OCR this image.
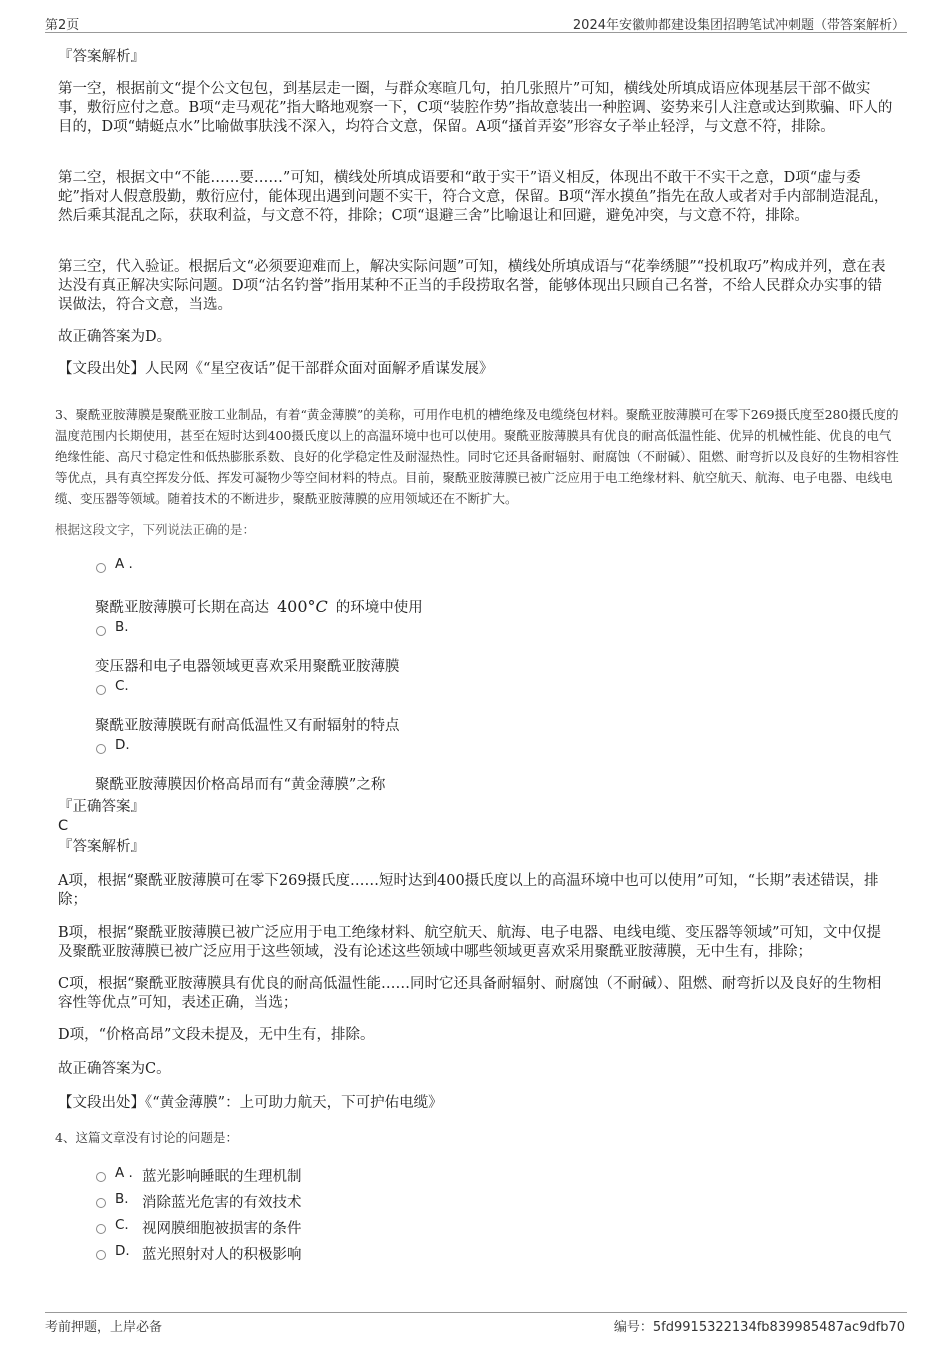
第2页	2024年安徽帅都建设集团招聘笔试冲刺题（带答案解析）

『答案解析』

第一空，根据前文“提个公文包包，到基层走一圈，与群众寒暄几句，拍几张照片”可知，横线处所填成语应体现基层干部不做实事，敷衍应付之意。B项“走马观花”指大略地观察一下，C项“装腔作势”指故意装出一种腔调、姿势来引人注意或达到欺骗、吓人的目的，D项“蜻蜓点水”比喻做事肤浅不深入，均符合文意，保留。A项“搔首弄姿”形容女子举止轻浮，与文意不符，排除。

第二空，根据文中“不能……要……”可知，横线处所填成语要和“敢于实干”语义相反，体现出不敢干不实干之意，D项“虚与委蛇”指对人假意殷勤，敷衍应付，能体现出遇到问题不实干，符合文意，保留。B项“浑水摸鱼”指先在敌人或者对手内部制造混乱，然后乘其混乱之际，获取利益，与文意不符，排除；C项“退避三舍”比喻退让和回避，避免冲突，与文意不符，排除。

第三空，代入验证。根据后文“必须要迎难而上，解决实际问题”可知，横线处所填成语与“花拳绣腿”“投机取巧”构成并列，意在表达没有真正解决实际问题。D项“沽名钓誉”指用某种不正当的手段捞取名誉，能够体现出只顾自己名誉，不给人民群众办实事的错误做法，符合文意，当选。

故正确答案为D。

【文段出处】人民网《“星空夜话”促干部群众面对面解矛盾谋发展》

3、聚酰亚胺薄膜是聚酰亚胺工业制品，有着“黄金薄膜”的美称，可用作电机的槽绝缘及电缆绕包材料。聚酰亚胺薄膜可在零下269摄氏度至280摄氏度的温度范围内长期使用，甚至在短时达到400摄氏度以上的高温环境中也可以使用。聚酰亚胺薄膜具有优良的耐高低温性能、优异的机械性能、优良的电气绝缘性能、高尺寸稳定性和低热膨胀系数、良好的化学稳定性及耐湿热性。同时它还具备耐辐射、耐腐蚀（不耐碱）、阻燃、耐弯折以及良好的生物相容性等优点，具有真空挥发分低、挥发可凝物少等空间材料的特点。目前，聚酰亚胺薄膜已被广泛应用于电工绝缘材料、航空航天、航海、电子电器、电线电缆、变压器等领域。随着技术的不断进步，聚酰亚胺薄膜的应用领域还在不断扩大。

根据这段文字，下列说法正确的是：

A .
聚酰亚胺薄膜可长期在高达 400°C 的环境中使用
B.
变压器和电子电器领域更喜欢采用聚酰亚胺薄膜
C.
聚酰亚胺薄膜既有耐高低温性又有耐辐射的特点
D.
聚酰亚胺薄膜因价格高昂而有“黄金薄膜”之称

『正确答案』

C

『答案解析』

A项，根据“聚酰亚胺薄膜可在零下269摄氏度……短时达到400摄氏度以上的高温环境中也可以使用”可知，“长期”表述错误，排除；

B项，根据“聚酰亚胺薄膜已被广泛应用于电工绝缘材料、航空航天、航海、电子电器、电线电缆、变压器等领域”可知，文中仅提及聚酰亚胺薄膜已被广泛应用于这些领域，没有论述这些领域中哪些领域更喜欢采用聚酰亚胺薄膜，无中生有，排除；

C项，根据“聚酰亚胺薄膜具有优良的耐高低温性能……同时它还具备耐辐射、耐腐蚀（不耐碱）、阻燃、耐弯折以及良好的生物相容性等优点”可知，表述正确，当选；

D项，“价格高昂”文段未提及，无中生有，排除。

故正确答案为C。

【文段出处】《“黄金薄膜”：上可助力航天，下可护佑电缆》

4、这篇文章没有讨论的问题是：

A . 蓝光影响睡眠的生理机制
B. 消除蓝光危害的有效技术
C. 视网膜细胞被损害的条件
D. 蓝光照射对人的积极影响
考前押题，上岸必备	编号：5fd9915322134fb839985487ac9dfb70
